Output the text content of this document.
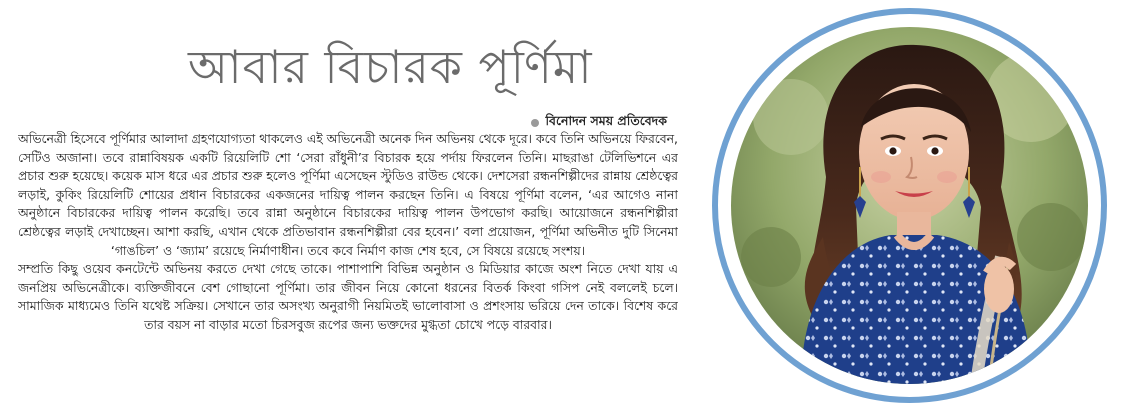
আবার বিচারক পূর্ণিমা
বিনোদন সময় প্রতিবেদক

অভিনেত্রী হিসেবে পূর্ণিমার আলাদা গ্রহণযোগ্যতা থাকলেও এই অভিনেত্রী অনেক দিন অভিনয় থেকে দূরে। কবে তিনি অভিনয়ে ফিরবেন, সেটিও অজানা। তবে রান্নাবিষয়ক একটি রিয়েলিটি শো ‘সেরা রাঁধুনী’র বিচারক হয়ে পর্দায় ফিরলেন তিনি। মাছরাঙা টেলিভিশনে এর প্রচার শুরু হয়েছে। কয়েক মাস ধরে এর প্রচার শুরু হলেও পূর্ণিমা এসেছেন স্টুডিও রাউন্ড থেকে। দেশসেরা রন্ধনশিল্পীদের রান্নায় শ্রেষ্ঠত্বের লড়াই, কুকিং রিয়েলিটি শোয়ের প্রধান বিচারকের একজনের দায়িত্ব পালন করছেন তিনি। এ বিষয়ে পূর্ণিমা বলেন, ‘এর আগেও নানা অনুষ্ঠানে বিচারকের দায়িত্ব পালন করেছি। তবে রান্না অনুষ্ঠানে বিচারকের দায়িত্ব পালন উপভোগ করছি। আয়োজনে রন্ধনশিল্পীরা শ্রেষ্ঠত্বের লড়াই দেখাচ্ছেন। আশা করছি, এখান থেকে প্রতিভাবান রন্ধনশিল্পীরা বের হবেন।’ বলা প্রয়োজন, পূর্ণিমা অভিনীত দুটি সিনেমা ‘গাঙচিল’ ও ‘জ্যাম’ রয়েছে নির্মাণাধীন। তবে কবে নির্মাণ কাজ শেষ হবে, সে বিষয়ে রয়েছে সংশয়।

সম্প্রতি কিছু ওয়েব কনটেন্টে অভিনয় করতে দেখা গেছে তাকে। পাশাপাশি বিভিন্ন অনুষ্ঠান ও মিডিয়ার কাজে অংশ নিতে দেখা যায় এ জনপ্রিয় অভিনেত্রীকে। ব্যক্তিজীবনে বেশ গোছানো পূর্ণিমা। তার জীবন নিয়ে কোনো ধরনের বিতর্ক কিংবা গসিপ নেই বললেই চলে। সামাজিক মাধ্যমেও তিনি যথেষ্ট সক্রিয়। সেখানে তার অসংখ্য অনুরাগী নিয়মিতই ভালোবাসা ও প্রশংসায় ভরিয়ে দেন তাকে। বিশেষ করে তার বয়স না বাড়ার মতো চিরসবুজ রূপের জন্য ভক্তদের মুগ্ধতা চোখে পড়ে বারবার।
